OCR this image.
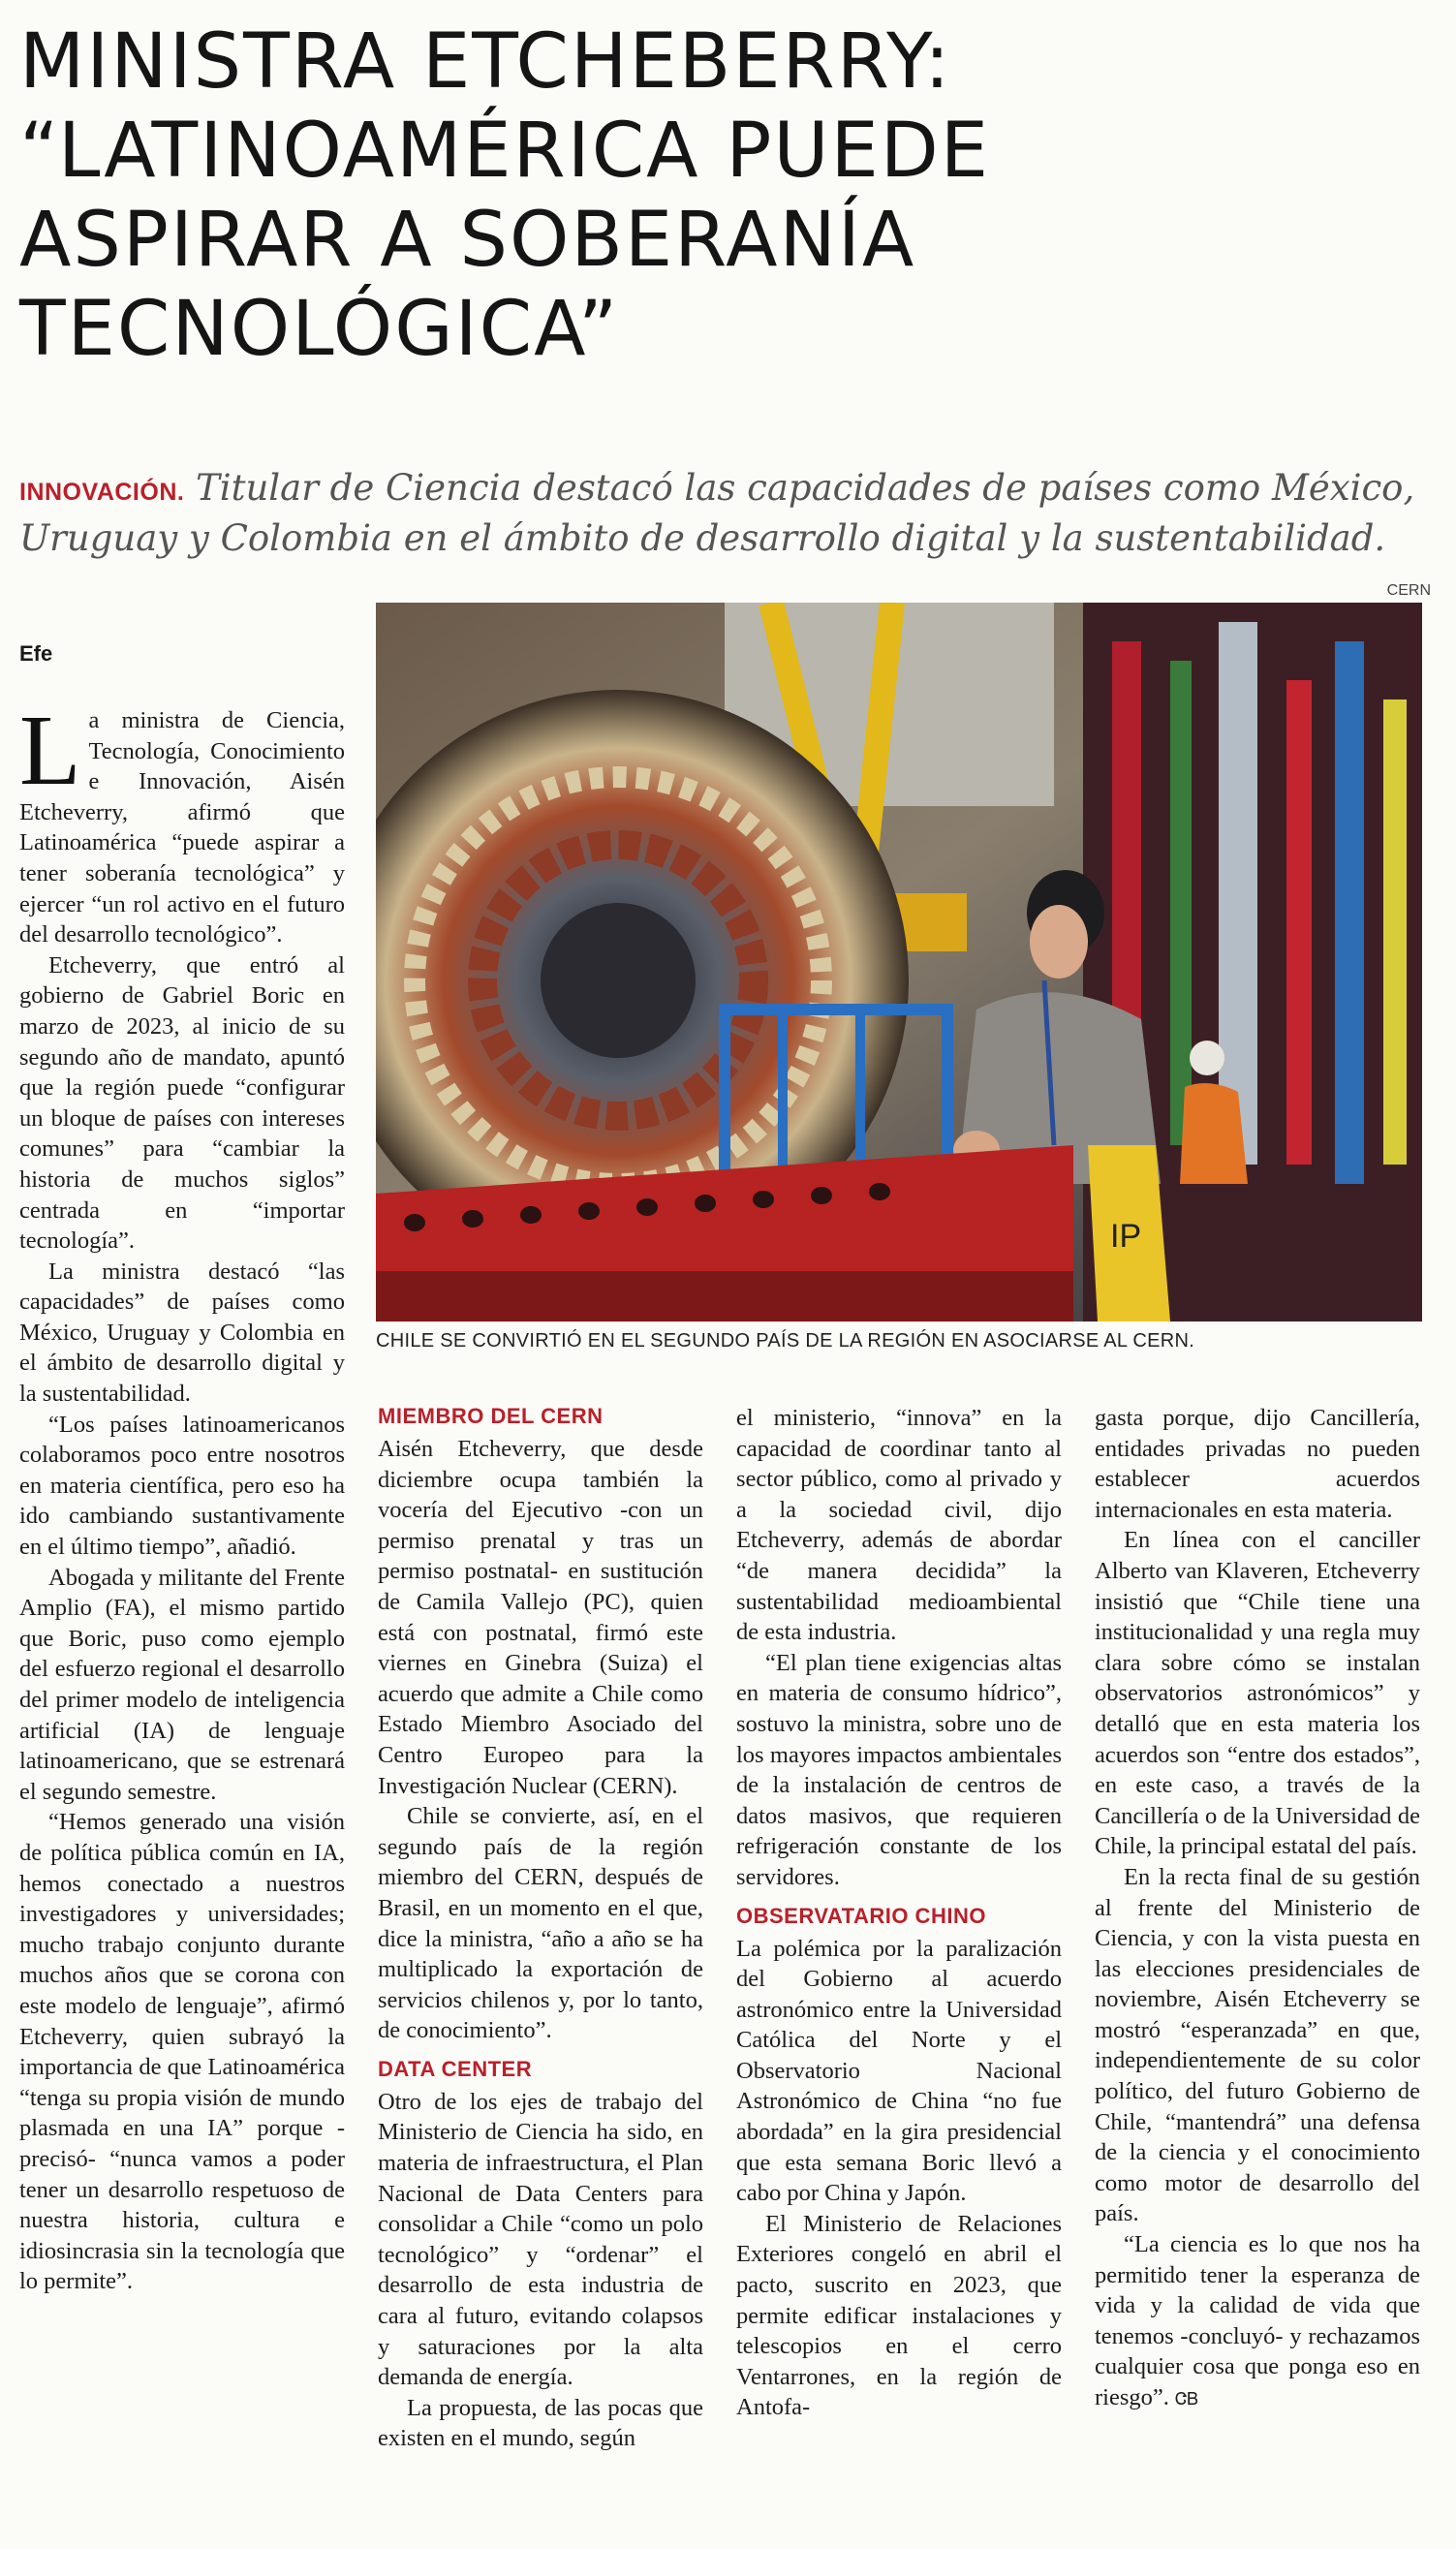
MINISTRA ETCHEBERRY:
“LATINOAMÉRICA PUEDE
ASPIRAR A SOBERANÍA
TECNOLÓGICA”

INNOVACIÓN. Titular de Ciencia destacó las capacidades de países como México, Uruguay y Colombia en el ámbito de desarrollo digital y la sustentabilidad.

CERN
Efe
IP
CHILE SE CONVIRTIÓ EN EL SEGUNDO PAÍS DE LA REGIÓN EN ASOCIARSE AL CERN.

La ministra de Ciencia, Tecnología, Conocimiento e Innovación, Aisén Etcheverry, afirmó que Latinoamérica “puede aspirar a tener soberanía tecnológica” y ejercer “un rol activo en el futuro del desarrollo tecnológico”.

Etcheverry, que entró al gobierno de Gabriel Boric en marzo de 2023, al inicio de su segundo año de mandato, apuntó que la región puede “configurar un bloque de países con intereses comunes” para “cambiar la historia de muchos siglos” centrada en “importar tecnología”.

La ministra destacó “las capacidades” de países como México, Uruguay y Colombia en el ámbito de desarrollo digital y la sustentabilidad.

“Los países latinoamericanos colaboramos poco entre nosotros en materia científica, pero eso ha ido cambiando sustantivamente en el último tiempo”, añadió.

Abogada y militante del Frente Amplio (FA), el mismo partido que Boric, puso como ejemplo del esfuerzo regional el desarrollo del primer modelo de inteligencia artificial (IA) de lenguaje latinoamericano, que se estrenará el segundo semestre.

“Hemos generado una visión de política pública común en IA, hemos conectado a nuestros investigadores y universidades; mucho trabajo conjunto durante muchos años que se corona con este modelo de lenguaje”, afirmó Etcheverry, quien subrayó la importancia de que Latinoamérica “tenga su propia visión de mundo plasmada en una IA” porque -precisó- “nunca vamos a poder tener un desarrollo respetuoso de nuestra historia, cultura e idiosincrasia sin la tecnología que lo permite”.

MIEMBRO DEL CERN

Aisén Etcheverry, que desde diciembre ocupa también la vocería del Ejecutivo -con un permiso prenatal y tras un permiso postnatal- en sustitución de Camila Vallejo (PC), quien está con postnatal, firmó este viernes en Ginebra (Suiza) el acuerdo que admite a Chile como Estado Miembro Asociado del Centro Europeo para la Investigación Nuclear (CERN).

Chile se convierte, así, en el segundo país de la región miembro del CERN, después de Brasil, en un momento en el que, dice la ministra, “año a año se ha multiplicado la exportación de servicios chilenos y, por lo tanto, de conocimiento”.

DATA CENTER

Otro de los ejes de trabajo del Ministerio de Ciencia ha sido, en materia de infraestructura, el Plan Nacional de Data Centers para consolidar a Chile “como un polo tecnológico” y “ordenar” el desarrollo de esta industria de cara al futuro, evitando colapsos y saturaciones por la alta demanda de energía.

La propuesta, de las pocas que existen en el mundo, según

el ministerio, “innova” en la capacidad de coordinar tanto al sector público, como al privado y a la sociedad civil, dijo Etcheverry, además de abordar “de manera decidida” la sustentabilidad medioambiental de esta industria.

“El plan tiene exigencias altas en materia de consumo hídrico”, sostuvo la ministra, sobre uno de los mayores impactos ambientales de la instalación de centros de datos masivos, que requieren refrigeración constante de los servidores.

OBSERVATARIO CHINO

La polémica por la paralización del Gobierno al acuerdo astronómico entre la Universidad Católica del Norte y el Observatorio Nacional Astronómico de China “no fue abordada” en la gira presidencial que esta semana Boric llevó a cabo por China y Japón.

El Ministerio de Relaciones Exteriores congeló en abril el pacto, suscrito en 2023, que permite edificar instalaciones y telescopios en el cerro Ventarrones, en la región de Antofa-

gasta porque, dijo Cancillería, entidades privadas no pueden establecer acuerdos internacionales en esta materia.

En línea con el canciller Alberto van Klaveren, Etcheverry insistió que “Chile tiene una institucionalidad y una regla muy clara sobre cómo se instalan observatorios astronómicos” y detalló que en esta materia los acuerdos son “entre dos estados”, en este caso, a través de la Cancillería o de la Universidad de Chile, la principal estatal del país.

En la recta final de su gestión al frente del Ministerio de Ciencia, y con la vista puesta en las elecciones presidenciales de noviembre, Aisén Etcheverry se mostró “esperanzada” en que, independientemente de su color político, del futuro Gobierno de Chile, “mantendrá” una defensa de la ciencia y el conocimiento como motor de desarrollo del país.

“La ciencia es lo que nos ha permitido tener la esperanza de vida y la calidad de vida que tenemos -concluyó- y rechazamos cualquier cosa que ponga eso en riesgo”. ᏣᏴ
